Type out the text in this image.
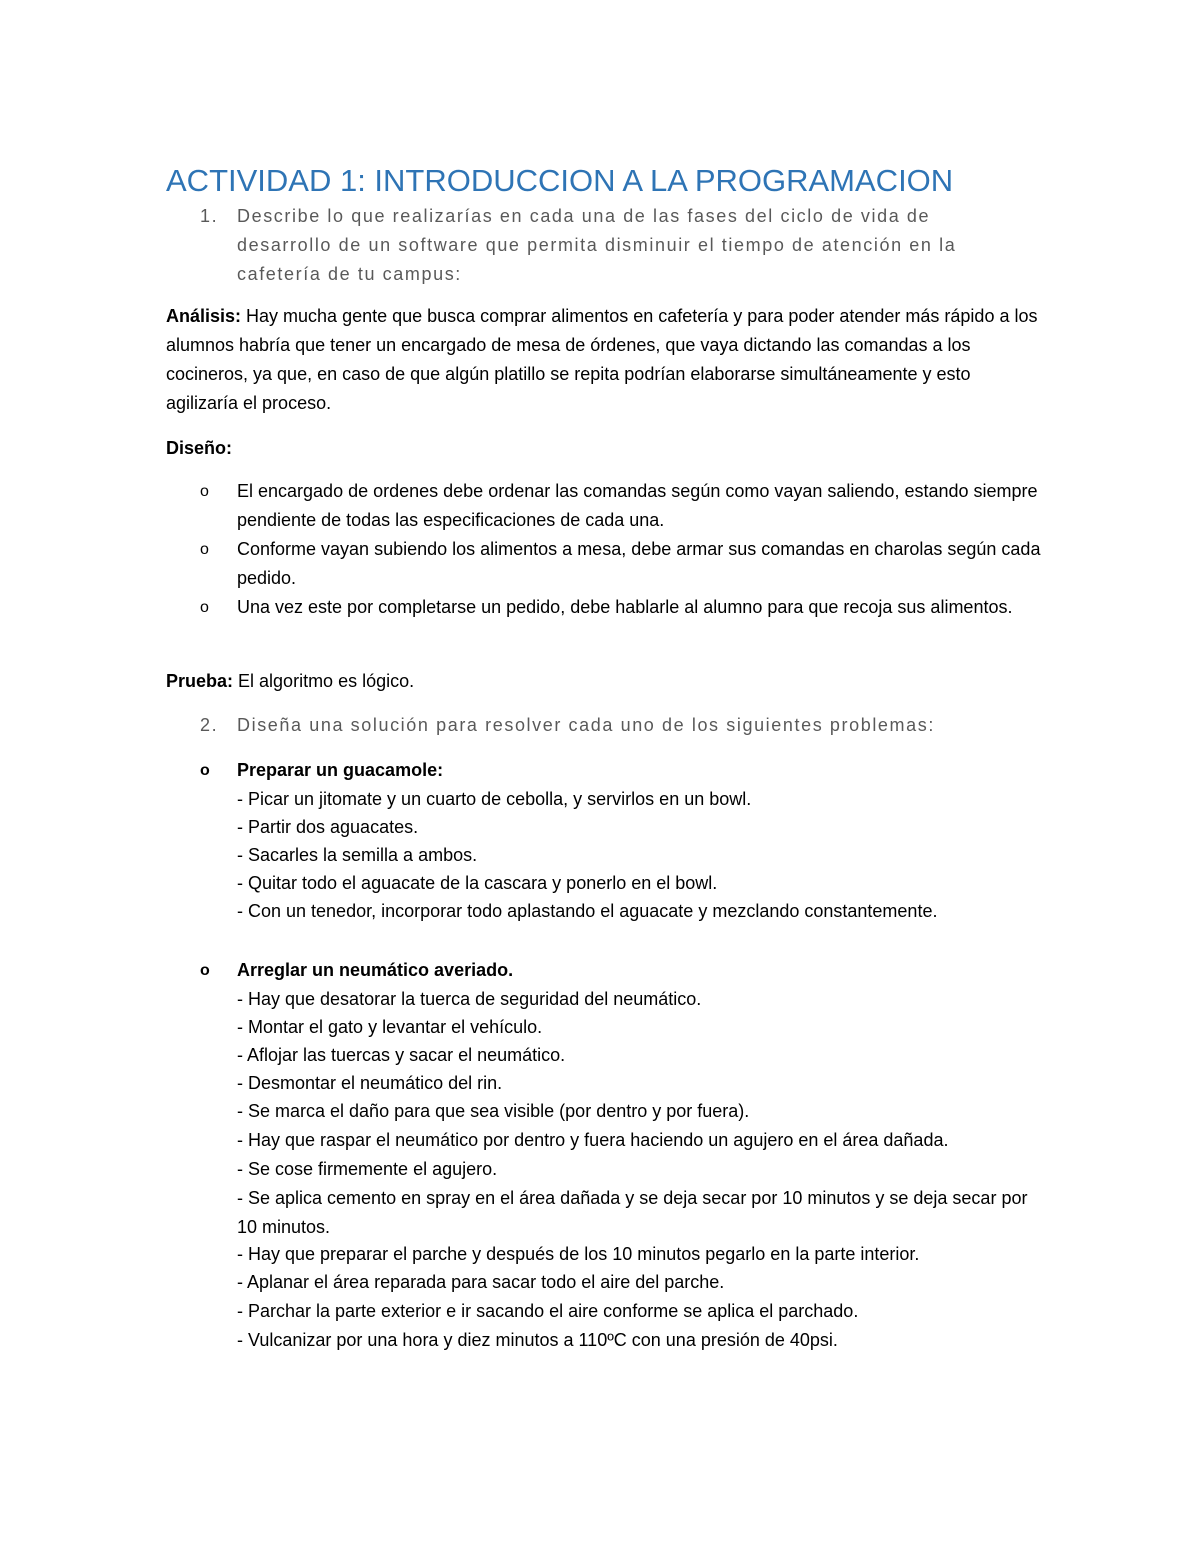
ACTIVIDAD 1: INTRODUCCION A LA PROGRAMACION
1.	Describe lo que realizarías en cada una de las fases del ciclo de vida de desarrollo de un software que permita disminuir el tiempo de atención en la cafetería de tu campus:

Análisis: Hay mucha gente que busca comprar alimentos en cafetería y para poder atender más rápido a los alumnos habría que tener un encargado de mesa de órdenes, que vaya dictando las comandas a los cocineros, ya que, en caso de que algún platillo se repita podrían elaborarse simultáneamente y esto agilizaría el proceso.

Diseño:

o	El encargado de ordenes debe ordenar las comandas según como vayan saliendo, estando siempre pendiente de todas las especificaciones de cada una.
o	Conforme vayan subiendo los alimentos a mesa, debe armar sus comandas en charolas según cada pedido.
o	Una vez este por completarse un pedido, debe hablarle al alumno para que recoja sus alimentos.

Prueba: El algoritmo es lógico.

2.	Diseña una solución para resolver cada uno de los siguientes problemas:
o	Preparar un guacamole:

- Picar un jitomate y un cuarto de cebolla, y servirlos en un bowl.

- Partir dos aguacates.

- Sacarles la semilla a ambos.

- Quitar todo el aguacate de la cascara y ponerlo en el bowl.

- Con un tenedor, incorporar todo aplastando el aguacate y mezclando constantemente.

o	Arreglar un neumático averiado.

- Hay que desatorar la tuerca de seguridad del neumático.

- Montar el gato y levantar el vehículo.

- Aflojar las tuercas y sacar el neumático.

- Desmontar el neumático del rin.

- Se marca el daño para que sea visible (por dentro y por fuera).

- Hay que raspar el neumático por dentro y fuera haciendo un agujero en el área dañada.

- Se cose firmemente el agujero.

- Se aplica cemento en spray en el área dañada y se deja secar por 10 minutos y se deja secar por 10 minutos.

- Hay que preparar el parche y después de los 10 minutos pegarlo en la parte interior.

- Aplanar el área reparada para sacar todo el aire del parche.

- Parchar la parte exterior e ir sacando el aire conforme se aplica el parchado.

- Vulcanizar por una hora y diez minutos a 110ºC con una presión de 40psi.
